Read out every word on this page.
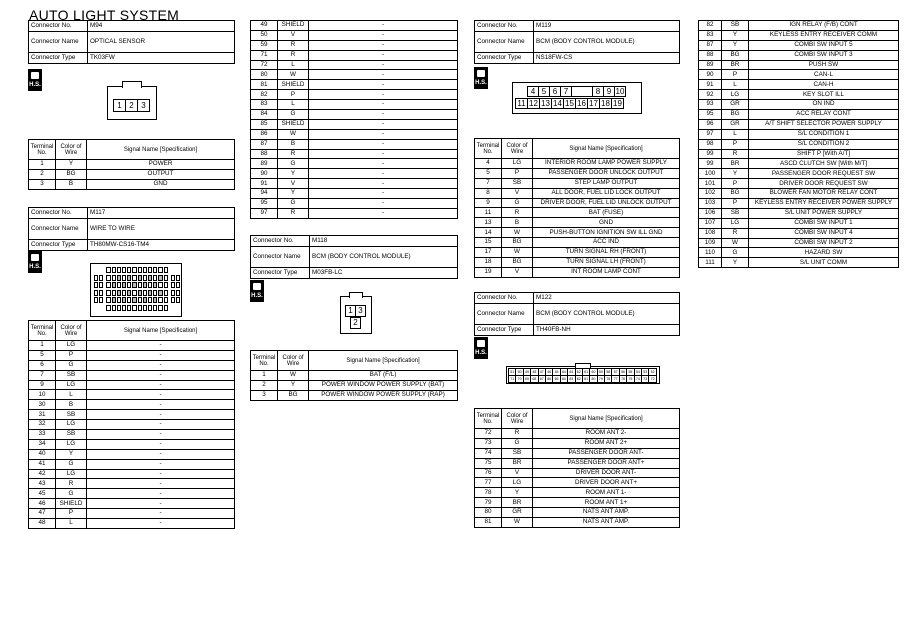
AUTO LIGHT SYSTEM
Connector No.	M94
Connector Name	OPTICAL SENSOR
Connector Type	TK03FW
H.S.
1 2 3
Terminal No.	Color of Wire	Signal Name [Specification]
1	Y	POWER
2	BG	OUTPUT
3	B	GND
Connector No.	M117
Connector Name	WIRE TO WIRE
Connector Type	TH80MW-CS16-TM4
H.S.
Terminal No.	Color of Wire	Signal Name [Specification]
1	LG	-
5	P	-
6	G	-
7	SB	-
9	LG	-
10	L	-
30	B	-
31	SB	-
32	LG	-
33	SB	-
34	LG	-
40	Y	-
41	G	-
42	LG	-
43	R	-
45	G	-
46	SHIELD	-
47	P	-
48	L	-
49	SHIELD	-
50	V	-
59	R	-
71	R	-
72	L	-
80	W	-
81	SHIELD	-
82	P	-
83	L	-
84	G	-
85	SHIELD	-
86	W	-
87	B	-
88	R	-
89	G	-
90	Y	-
91	V	-
94	Y	-
95	G	-
97	R	-
Connector No.	M118
Connector Name	BCM (BODY CONTROL MODULE)
Connector Type	M03FB-LC
H.S.
1 3
2
Terminal No.	Color of Wire	Signal Name [Specification]
1	W	BAT (F/L)
2	Y	POWER WINDOW POWER SUPPLY (BAT)
3	BG	POWER WINDOW POWER SUPPLY (RAP)
Connector No.	M119
Connector Name	BCM (BODY CONTROL MODULE)
Connector Type	NS18FW-CS
H.S.
4 5 6 7	8 9 10
11 12 13 14 15 16 17 18 19
Terminal No.	Color of Wire	Signal Name [Specification]
4	LG	INTERIOR ROOM LAMP POWER SUPPLY
5	P	PASSENGER DOOR UNLOCK OUTPUT
7	SB	STEP LAMP OUTPUT
8	V	ALL DOOR, FUEL LID LOCK OUTPUT
9	G	DRIVER DOOR, FUEL LID UNLOCK OUTPUT
11	R	BAT (FUSE)
13	B	GND
14	W	PUSH-BUTTON IGNITION SW ILL GND
15	BG	ACC IND
17	W	TURN SIGNAL RH (FRONT)
18	BG	TURN SIGNAL LH (FRONT)
19	V	INT ROOM LAMP CONT
Connector No.	M122
Connector Name	BCM (BODY CONTROL MODULE)
Connector Type	TH40FB-NH
H.S.
51 50 49 48 47 46 45 64 63 62 61 60 59 58 57 56 55 54 53 52
71 70 69 68 67 66 65 84 83 82 81 80 79 78 77 76 75 74 73 72
Terminal No.	Color of Wire	Signal Name [Specification]
72	R	ROOM ANT 2-
73	G	ROOM ANT 2+
74	SB	PASSENGER DOOR ANT-
75	BR	PASSENGER DOOR ANT+
76	V	DRIVER DOOR ANT-
77	LG	DRIVER DOOR ANT+
78	Y	ROOM ANT 1-
79	BR	ROOM ANT 1+
80	GR	NATS ANT AMP.
81	W	NATS ANT AMP.
82	SB	IGN RELAY (F/B) CONT
83	Y	KEYLESS ENTRY RECEIVER COMM
87	Y	COMBI SW INPUT 5
88	BG	COMBI SW INPUT 3
89	BR	PUSH SW
90	P	CAN-L
91	L	CAN-H
92	LG	KEY SLOT ILL
93	GR	ON IND
95	BG	ACC RELAY CONT
96	GR	A/T SHIFT SELECTOR POWER SUPPLY
97	L	S/L CONDITION 1
98	P	S/L CONDITION 2
99	R	SHIFT P [With A/T]
99	BR	ASCD CLUTCH SW [With M/T]
100	Y	PASSENGER DOOR REQUEST SW
101	P	DRIVER DOOR REQUEST SW
102	BG	BLOWER FAN MOTOR RELAY CONT
103	P	KEYLESS ENTRY RECEIVER POWER SUPPLY
106	SB	S/L UNIT POWER SUPPLY
107	LG	COMBI SW INPUT 1
108	R	COMBI SW INPUT 4
109	W	COMBI SW INPUT 2
110	G	HAZARD SW
111	Y	S/L UNIT COMM
